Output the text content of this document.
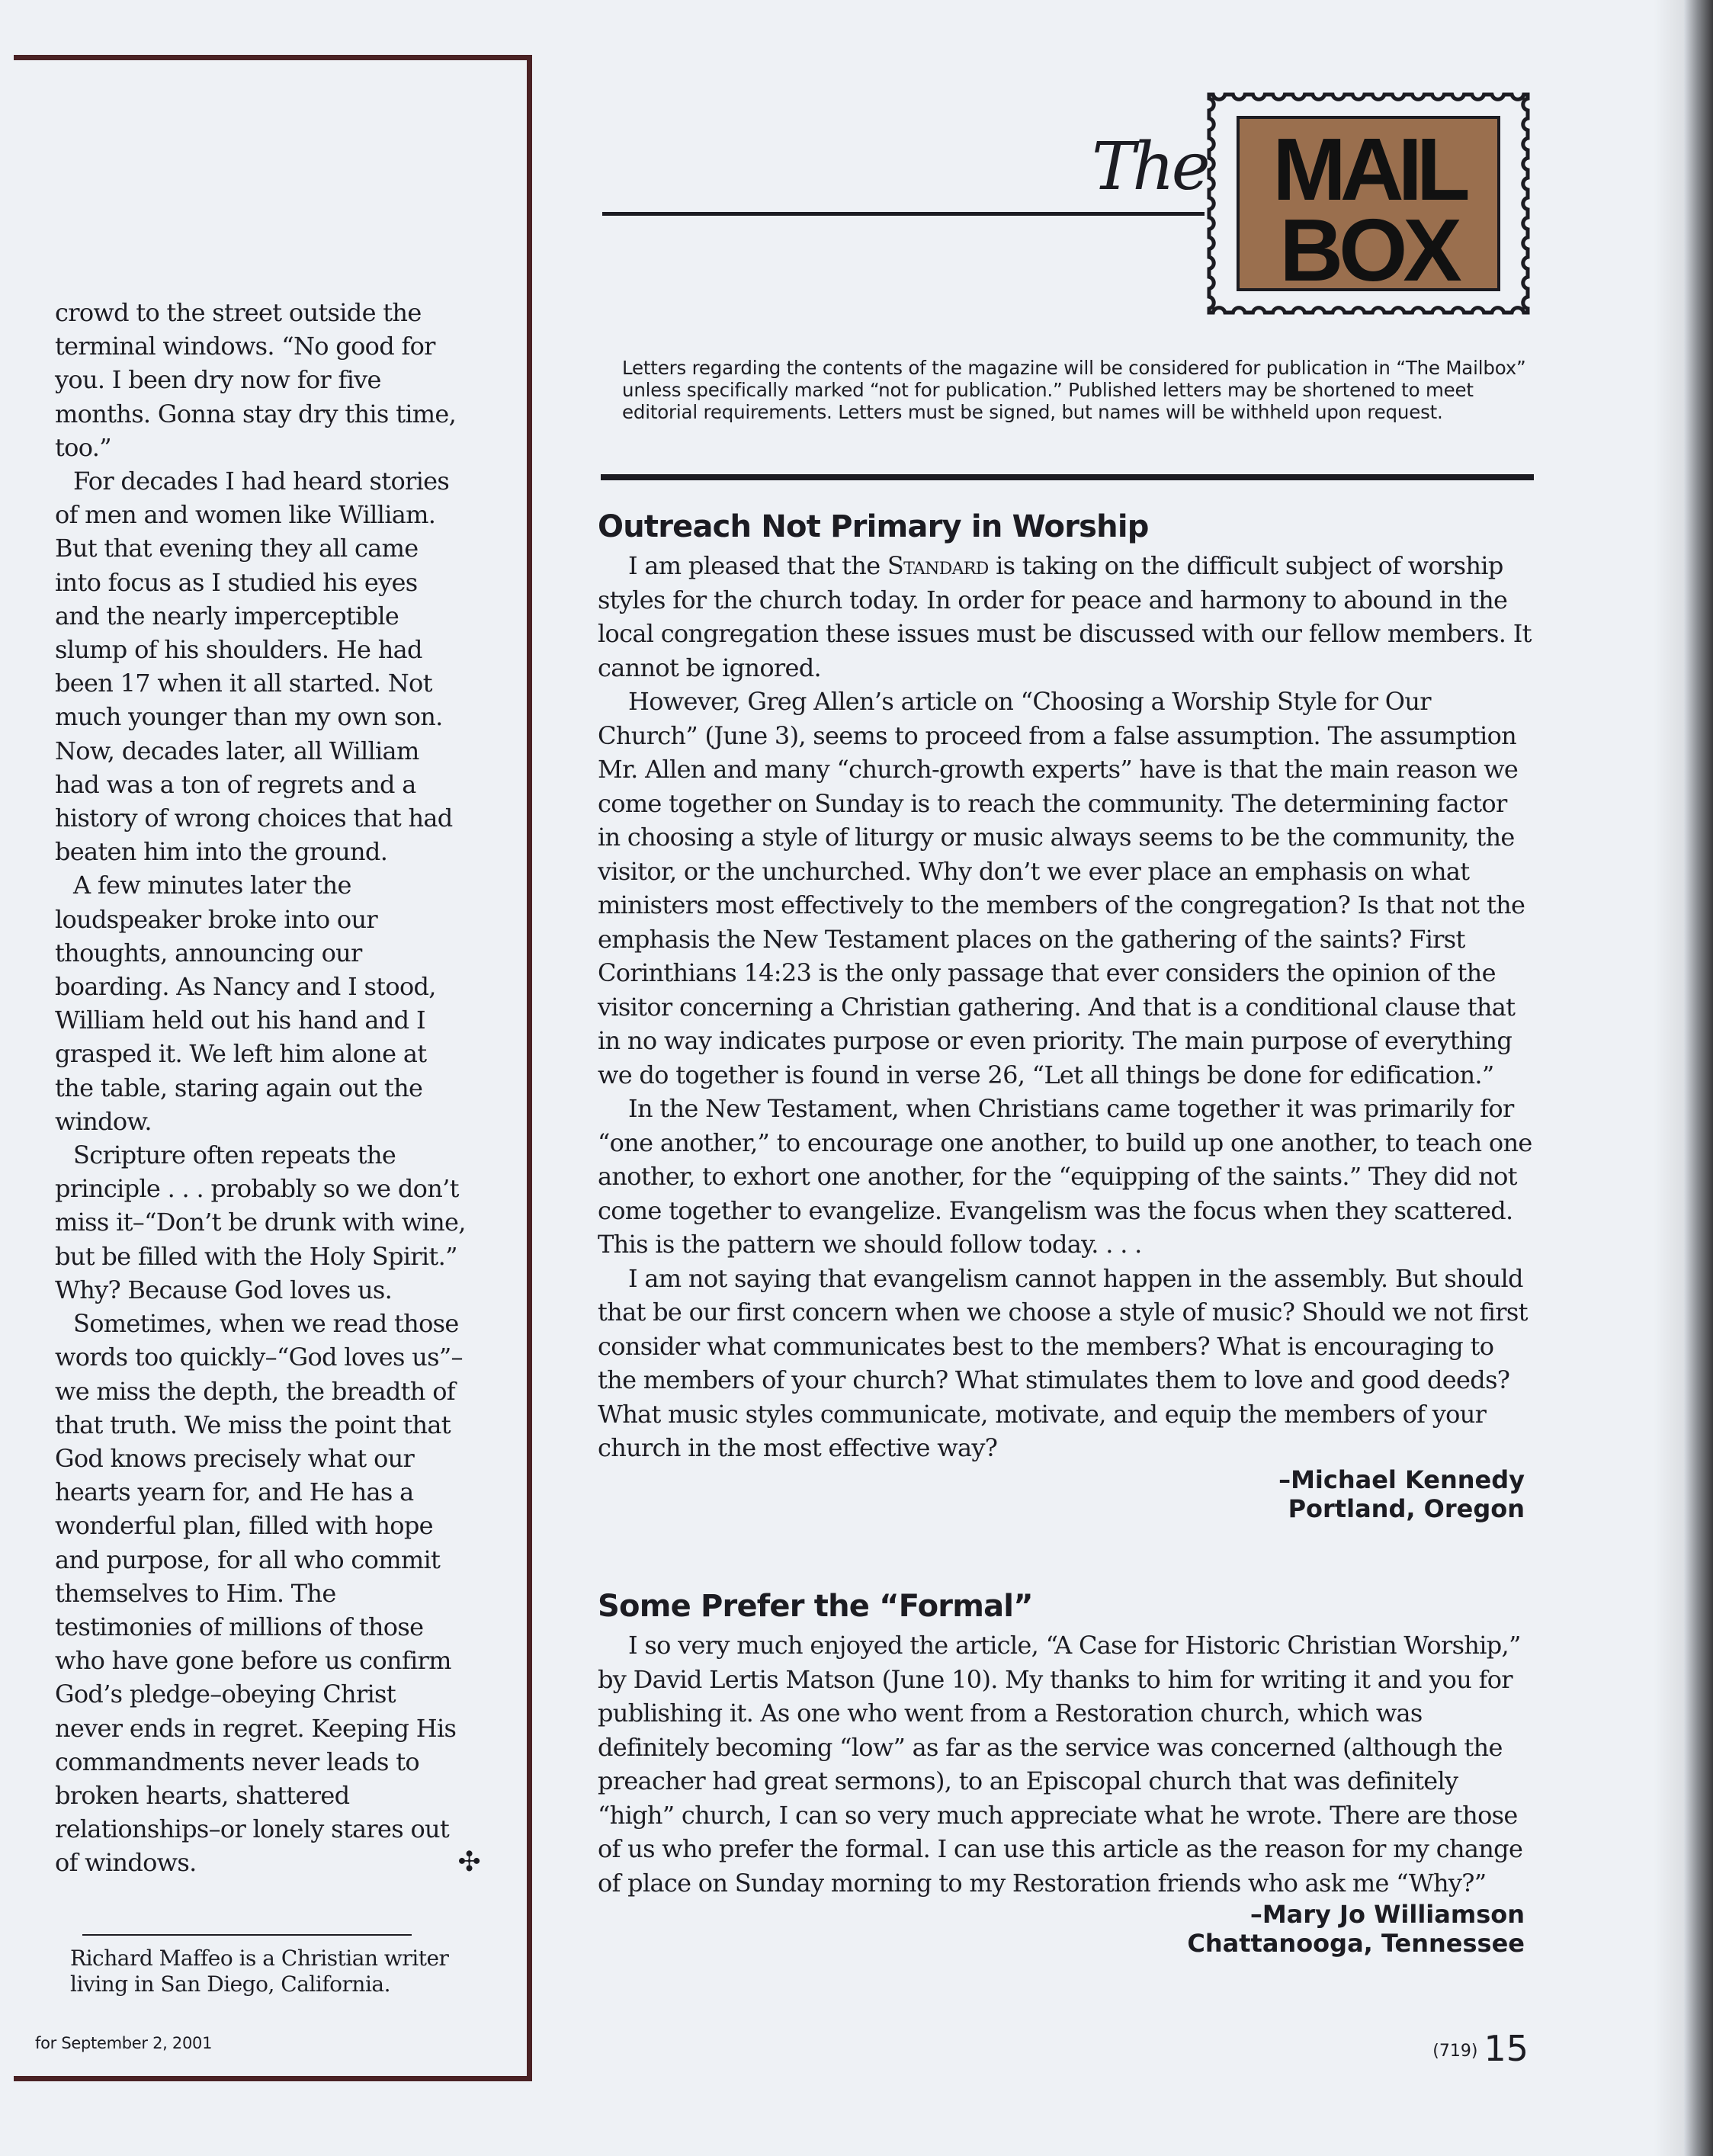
crowd to the street outside the terminal windows. “No good for you. I been dry now for five months. Gonna stay dry this time, too.”

For decades I had heard stories of men and women like William. But that evening they all came into focus as I studied his eyes and the nearly imperceptible slump of his shoulders. He had been 17 when it all started. Not much younger than my own son. Now, decades later, all William had was a ton of regrets and a history of wrong choices that had beaten him into the ground.

A few minutes later the loudspeaker broke into our thoughts, announcing our boarding. As Nancy and I stood, William held out his hand and I grasped it. We left him alone at the table, staring again out the window.

Scripture often repeats the principle . . . probably so we don’t miss it–“Don’t be drunk with wine, but be filled with the Holy Spirit.” Why? Because God loves us.

Sometimes, when we read those words too quickly–“God loves us”–we miss the depth, the breadth of that truth. We miss the point that God knows precisely what our hearts yearn for, and He has a wonderful plan, filled with hope and purpose, for all who commit themselves to Him. The testimonies of millions of those who have gone before us confirm God’s pledge–obeying Christ never ends in regret. Keeping His commandments never leads to broken hearts, shattered relationships–or lonely stares out of windows.	✣

Richard Maffeo is a Christian writer living in San Diego, California.

for September 2, 2001
The MAIL
BOX

Letters regarding the contents of the magazine will be considered for publication in “The Mailbox” unless specifically marked “not for publication.” Published letters may be shortened to meet editorial requirements. Letters must be signed, but names will be withheld upon request.

Outreach Not Primary in Worship

I am pleased that the Standard is taking on the difficult subject of worship styles for the church today. In order for peace and harmony to abound in the local congregation these issues must be discussed with our fellow members. It cannot be ignored.

However, Greg Allen’s article on “Choosing a Worship Style for Our Church” (June 3), seems to proceed from a false assumption. The assumption Mr. Allen and many “church-growth experts” have is that the main reason we come together on Sunday is to reach the community. The determining factor in choosing a style of liturgy or music always seems to be the community, the visitor, or the unchurched. Why don’t we ever place an emphasis on what ministers most effectively to the members of the congregation? Is that not the emphasis the New Testament places on the gathering of the saints? First Corinthians 14:23 is the only passage that ever considers the opinion of the visitor concerning a Christian gathering. And that is a conditional clause that in no way indicates purpose or even priority. The main purpose of everything we do together is found in verse 26, “Let all things be done for edification.”

In the New Testament, when Christians came together it was primarily for “one another,” to encourage one another, to build up one another, to teach one another, to exhort one another, for the “equipping of the saints.” They did not come together to evangelize. Evangelism was the focus when they scattered. This is the pattern we should follow today. . . .

I am not saying that evangelism cannot happen in the assembly. But should that be our first concern when we choose a style of music? Should we not first consider what communicates best to the members? What is encouraging to the members of your church? What stimulates them to love and good deeds? What music styles communicate, motivate, and equip the members of your church in the most effective way?

–Michael Kennedy
Portland, Oregon
Some Prefer the “Formal”

I so very much enjoyed the article, “A Case for Historic Christian Worship,” by David Lertis Matson (June 10). My thanks to him for writing it and you for publishing it. As one who went from a Restoration church, which was definitely becoming “low” as far as the service was concerned (although the preacher had great sermons), to an Episcopal church that was definitely “high” church, I can so very much appreciate what he wrote. There are those of us who prefer the formal. I can use this article as the reason for my change of place on Sunday morning to my Restoration friends who ask me “Why?”

–Mary Jo Williamson
Chattanooga, Tennessee
(719) 15
